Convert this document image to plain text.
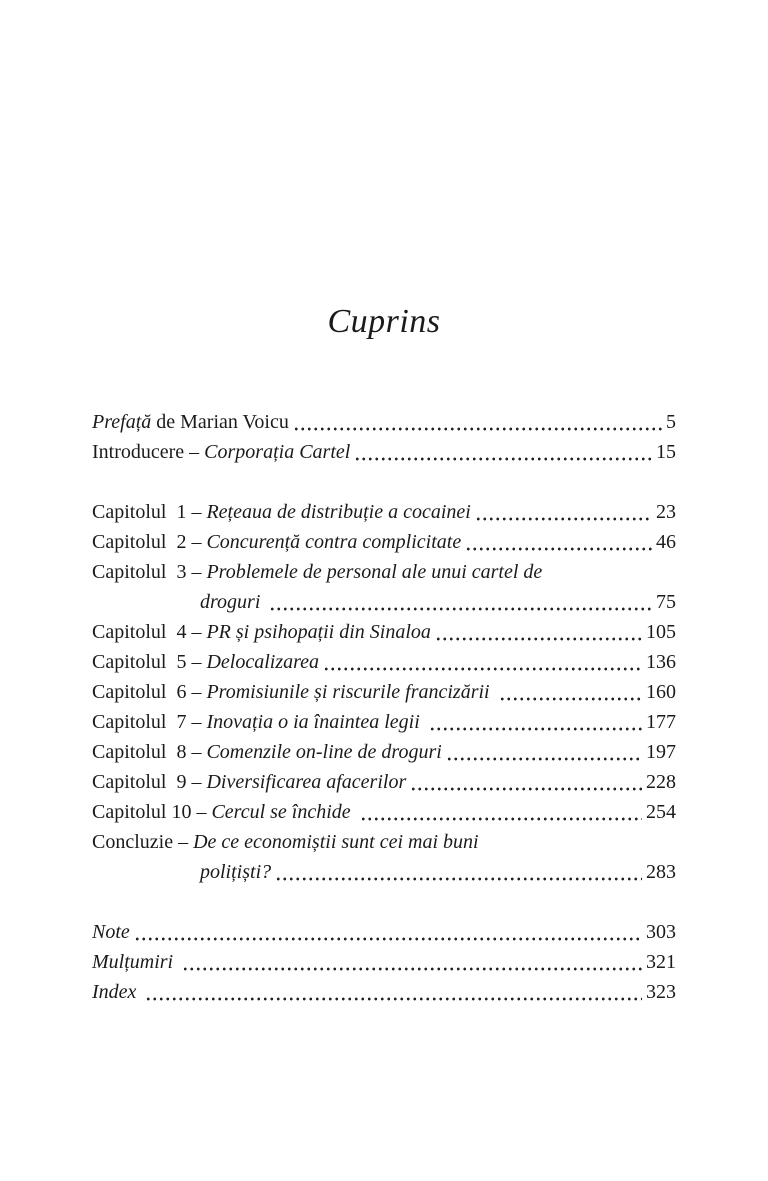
Cuprins
Prefață de Marian Voicu	5
Introducere – Corporația Cartel	15
Capitolul  1 – Rețeaua de distribuție a cocainei	23
Capitolul  2 – Concurență contra complicitate	46
Capitolul  3 – Problemele de personal ale unui cartel de
droguri	75
Capitolul  4 – PR și psihopații din Sinaloa	105
Capitolul  5 – Delocalizarea	136
Capitolul  6 – Promisiunile și riscurile francizării	160
Capitolul  7 – Inovația o ia înaintea legii	177
Capitolul  8 – Comenzile on-line de droguri	197
Capitolul  9 – Diversificarea afacerilor	228
Capitolul 10 – Cercul se închide	254
Concluzie – De ce economiștii sunt cei mai buni
polițiști?	283
Note	303
Mulțumiri	321
Index	323
